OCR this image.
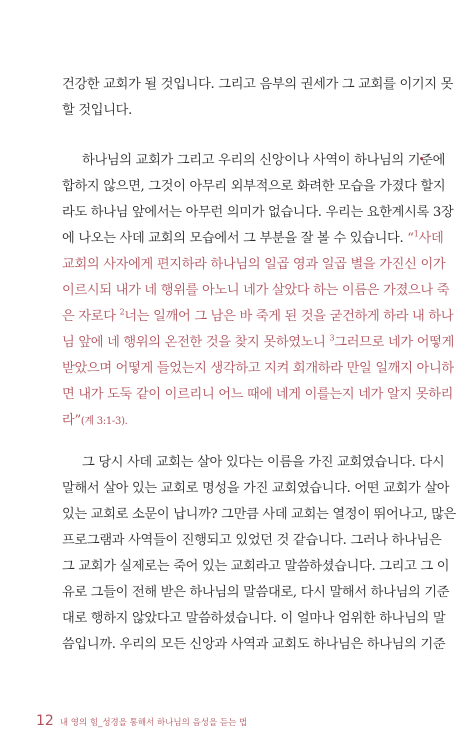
건강한 교회가 될 것입니다. 그리고 음부의 권세가 그 교회를 이기지 못
할 것입니다.
하나님의 교회가 그리고 우리의 신앙이나 사역이 하나님의 기준에
합하지 않으면, 그것이 아무리 외부적으로 화려한 모습을 가졌다 할지
라도 하나님 앞에서는 아무런 의미가 없습니다. 우리는 요한계시록 3장
에 나오는 사데 교회의 모습에서 그 부분을 잘 볼 수 있습니다. “$^1$사데
교회의 사자에게 편지하라 하나님의 일곱 영과 일곱 별을 가진신 이가
이르시되 내가 네 행위를 아노니 네가 살았다 하는 이름은 가졌으나 죽
은 자로다 $^2$너는 일깨어 그 남은 바 죽게 된 것을 굳건하게 하라 내 하나
님 앞에 네 행위의 온전한 것을 찾지 못하였노니 $^3$그러므로 네가 어떻게
받았으며 어떻게 들었는지 생각하고 지켜 회개하라 만일 일깨지 아니하
면 내가 도둑 같이 이르리니 어느 때에 네게 이를는지 네가 알지 못하리
라”(계 3:1-3).
그 당시 사데 교회는 살아 있다는 이름을 가진 교회였습니다. 다시
말해서 살아 있는 교회로 명성을 가진 교회였습니다. 어떤 교회가 살아
있는 교회로 소문이 납니까? 그만큼 사데 교회는 열정이 뛰어나고, 많은
프로그램과 사역들이 진행되고 있었던 것 같습니다. 그러나 하나님은
그 교회가 실제로는 죽어 있는 교회라고 말씀하셨습니다. 그리고 그 이
유로 그들이 전해 받은 하나님의 말씀대로, 다시 말해서 하나님의 기준
대로 행하지 않았다고 말씀하셨습니다. 이 얼마나 엄위한 하나님의 말
씀입니까. 우리의 모든 신앙과 사역과 교회도 하나님은 하나님의 기준
12 내 영의 힘_성경을 통해서 하나님의 음성을 듣는 법
